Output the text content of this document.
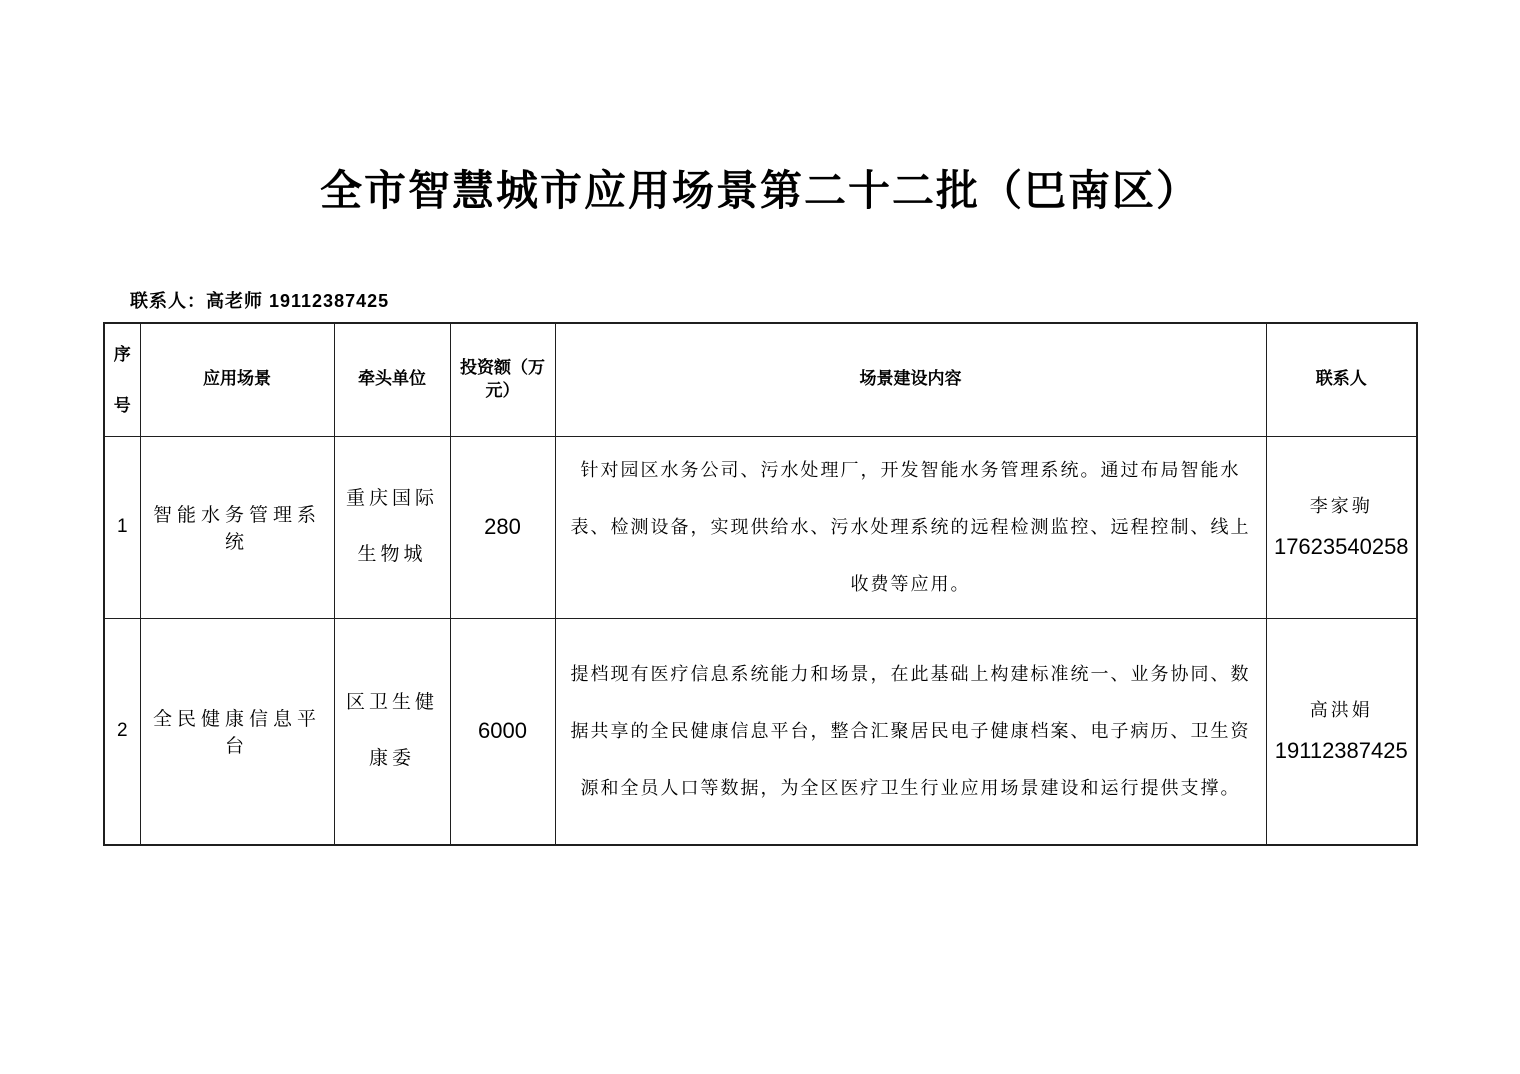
全市智慧城市应用场景第二十二批（巴南区）
联系人：高老师 19112387425
序号	应用场景	牵头单位	投资额（万元）	场景建设内容	联系人
1	智能水务管理系统	重庆国际生物城	280	针对园区水务公司、污水处理厂，开发智能水务管理系统。通过布局智能水表、检测设备，实现供给水、污水处理系统的远程检测监控、远程控制、线上收费等应用。	李家驹
17623540258

2	全民健康信息平台	区卫生健康委	6000	提档现有医疗信息系统能力和场景，在此基础上构建标准统一、业务协同、数据共享的全民健康信息平台，整合汇聚居民电子健康档案、电子病历、卫生资源和全员人口等数据，为全区医疗卫生行业应用场景建设和运行提供支撑。	高洪娟
19112387425
